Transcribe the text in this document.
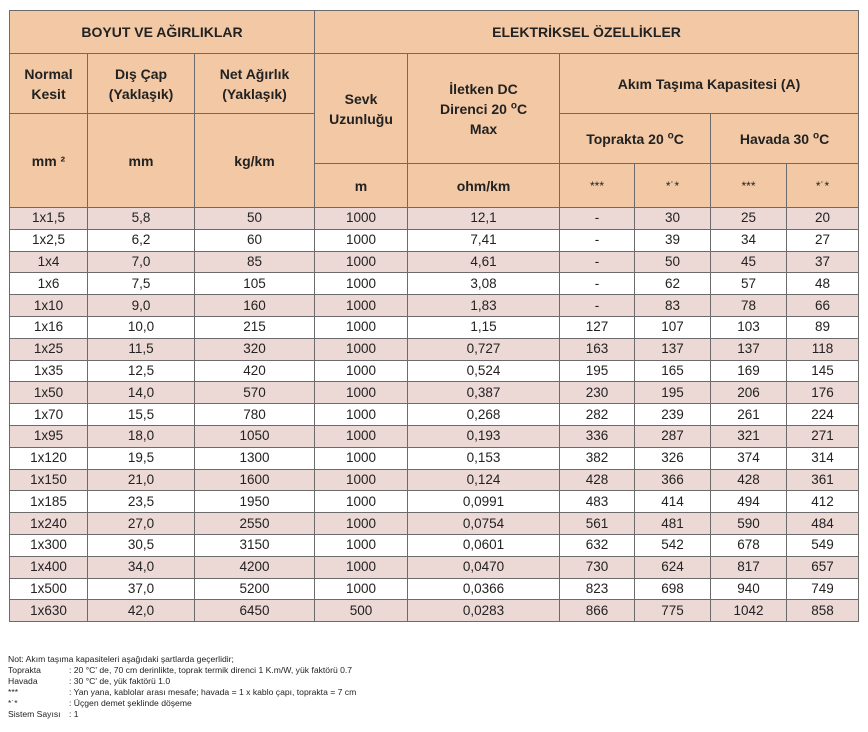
BOYUT VE AĞIRLIKLAR			ELEKTRİKSEL ÖZELLİKLER					
Normal Kesit	Dış Çap (Yaklaşık)	Net Ağırlık (Yaklaşık)	Sevk Uzunluğu	İletken DC Direnci 20 $^o$C Max	Akım Taşıma Kapasitesi (A)			
mm ²	mm	kg/km			Toprakta 20 $^o$C		Havada 30 $^o$C	
			m	ohm/km	***	*˙*	***	*˙*
1x1,5	5,8	50	1000	12,1	-	30	25	20
1x2,5	6,2	60	1000	7,41	-	39	34	27
1x4	7,0	85	1000	4,61	-	50	45	37
1x6	7,5	105	1000	3,08	-	62	57	48
1x10	9,0	160	1000	1,83	-	83	78	66
1x16	10,0	215	1000	1,15	127	107	103	89
1x25	11,5	320	1000	0,727	163	137	137	118
1x35	12,5	420	1000	0,524	195	165	169	145
1x50	14,0	570	1000	0,387	230	195	206	176
1x70	15,5	780	1000	0,268	282	239	261	224
1x95	18,0	1050	1000	0,193	336	287	321	271
1x120	19,5	1300	1000	0,153	382	326	374	314
1x150	21,0	1600	1000	0,124	428	366	428	361
1x185	23,5	1950	1000	0,0991	483	414	494	412
1x240	27,0	2550	1000	0,0754	561	481	590	484
1x300	30,5	3150	1000	0,0601	632	542	678	549
1x400	34,0	4200	1000	0,0470	730	624	817	657
1x500	37,0	5200	1000	0,0366	823	698	940	749
1x630	42,0	6450	500	0,0283	866	775	1042	858
Not: Akım taşıma kapasiteleri aşağıdaki şartlarda geçerlidir;
Toprakta	: 20 °C' de, 70 cm derinlikte, toprak termik direnci 1 K.m/W, yük faktörü 0.7
Havada	: 30 °C' de, yük faktörü 1.0
***	: Yan yana, kablolar arası mesafe; havada = 1 x kablo çapı, toprakta = 7 cm
*˙*	: Üçgen demet şeklinde döşeme
Sistem Sayısı : 1
